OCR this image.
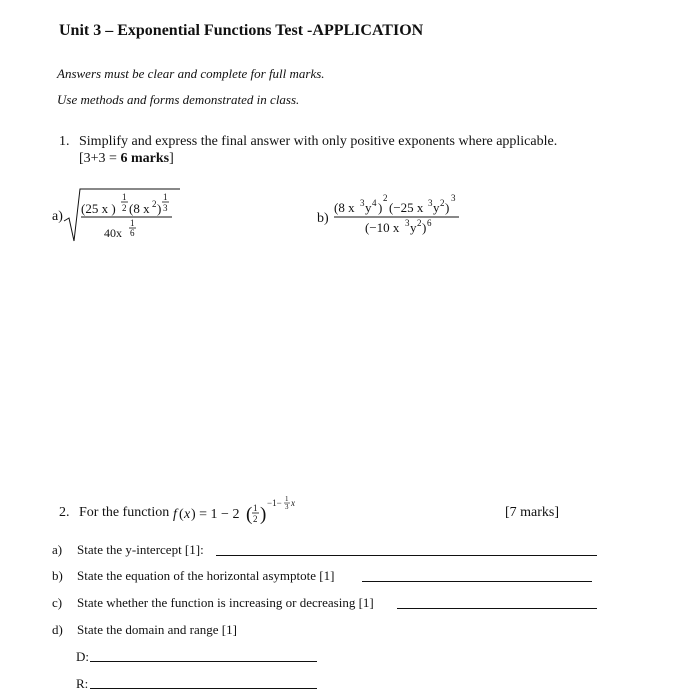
Unit 3 – Exponential Functions Test -APPLICATION
Answers must be clear and complete for full marks.
Use methods and forms demonstrated in class.
1. Simplify and express the final answer with only positive exponents where applicable.
[3+3 = 6 marks]
a)
(25 x )
1
2 (8 x 2 )
1
3
40x
1
6
b)
(8 x 3 y 4 )
2
(−25 x 3 y 2 )
3
(−10 x 3 y 2 ) 6
2. For the function f ( x ) = 1 − 2 ( 1
2 )
−1− 1
3 x
[7 marks]
a) State the y-intercept [1]:
b) State the equation of the horizontal asymptote [1]
c) State whether the function is increasing or decreasing [1]
d) State the domain and range [1]
D:
R:
